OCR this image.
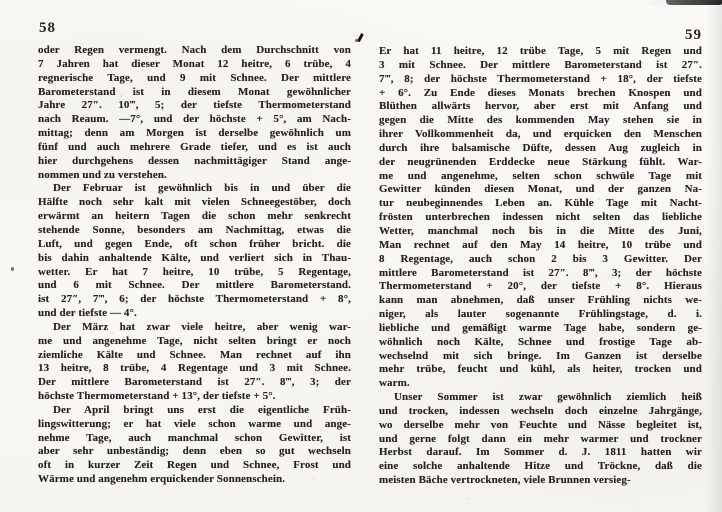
58	59
oder Regen vermengt. Nach dem Durchschnitt von
7 Jahren hat dieser Monat 12 heitre, 6 trübe, 4
regnerische Tage, und 9 mit Schnee. Der mittlere
Barometerstand ist in diesem Monat gewöhnlicher
Jahre 27″. 10‴, 5; der tiefste Thermometerstand
nach Reaum. —7°, und der höchste + 5°, am Nach-
mittag; denn am Morgen ist derselbe gewöhnlich um
fünf und auch mehrere Grade tiefer, und es ist auch
hier durchgehens dessen nachmittägiger Stand ange-
nommen und zu verstehen.
Der Februar ist gewöhnlich bis in und über die
Hälfte noch sehr kalt mit vielen Schneegestöber, doch
erwärmt an heitern Tagen die schon mehr senkrecht
stehende Sonne, besonders am Nachmittag, etwas die
Luft, und gegen Ende, oft schon früher bricht. die
bis dahin anhaltende Kälte, und verliert sich in Thau-
wetter. Er hat 7 heitre, 10 trübe, 5 Regentage,
und 6 mit Schnee. Der mittlere Barometerstand.
ist 27″, 7‴, 6; der höchste Thermometerstand + 8°,
und der tiefste — 4°.
Der März hat zwar viele heitre, aber wenig war-
me und angenehme Tage, nicht selten bringt er noch
ziemliche Kälte und Schnee. Man rechnet auf ihn
13 heitre, 8 trübe, 4 Regentage und 3 mit Schnee.
Der mittlere Barometerstand ist 27″. 8‴, 3; der
höchste Thermometerstand + 13°, der tiefste + 5°.
Der April bringt uns erst die eigentliche Früh-
lingswitterung; er hat viele schon warme und ange-
nehme Tage, auch manchmal schon Gewitter, ist
aber sehr unbeständig; denn eben so gut wechseln
oft in kurzer Zeit Regen und Schnee, Frost und
Wärme und angenehm erquickender Sonnenschein.
Er hat 11 heitre, 12 trübe Tage, 5 mit Regen und
3 mit Schnee. Der mittlere Barometerstand ist 27″.
7‴, 8; der höchste Thermometerstand + 18°, der tiefste
+ 6°. Zu Ende dieses Monats brechen Knospen und
Blüthen allwärts hervor, aber erst mit Anfang und
gegen die Mitte des kommenden May stehen sie in
ihrer Vollkommenheit da, und erquicken den Menschen
durch ihre balsamische Düfte, dessen Aug zugleich in
der neugrünenden Erddecke neue Stärkung fühlt. War-
me und angenehme, selten schon schwüle Tage mit
Gewitter künden diesen Monat, und der ganzen Na-
tur neubeginnendes Leben an. Kühle Tage mit Nacht-
frösten unterbrechen indessen nicht selten das liebliche
Wetter, manchmal noch bis in die Mitte des Juni,
Man rechnet auf den May 14 heitre, 10 trübe und
8 Regentage, auch schon 2 bis 3 Gewitter. Der
mittlere Barometerstand ist 27″. 8‴, 3; der höchste
Thermometerstand + 20°, der tiefste + 8°. Hieraus
kann man abnehmen, daß unser Frühling nichts we-
niger, als lauter sogenannte Frühlingstage, d. i.
liebliche und gemäßigt warme Tage habe, sondern ge-
wöhnlich noch Kälte, Schnee und frostige Tage ab-
wechselnd mit sich bringe. Im Ganzen ist derselbe
mehr trübe, feucht und kühl, als heiter, trocken und
warm.
Unser Sommer ist zwar gewöhnlich ziemlich heiß
und trocken, indessen wechseln doch einzelne Jahrgänge,
wo derselbe mehr von Feuchte und Nässe begleitet ist,
und gerne folgt dann ein mehr warmer und trockner
Herbst darauf. Im Sommer d. J. 1811 hatten wir
eine solche anhaltende Hitze und Tröckne, daß die
meisten Bäche vertrockneten, viele Brunnen versieg-
